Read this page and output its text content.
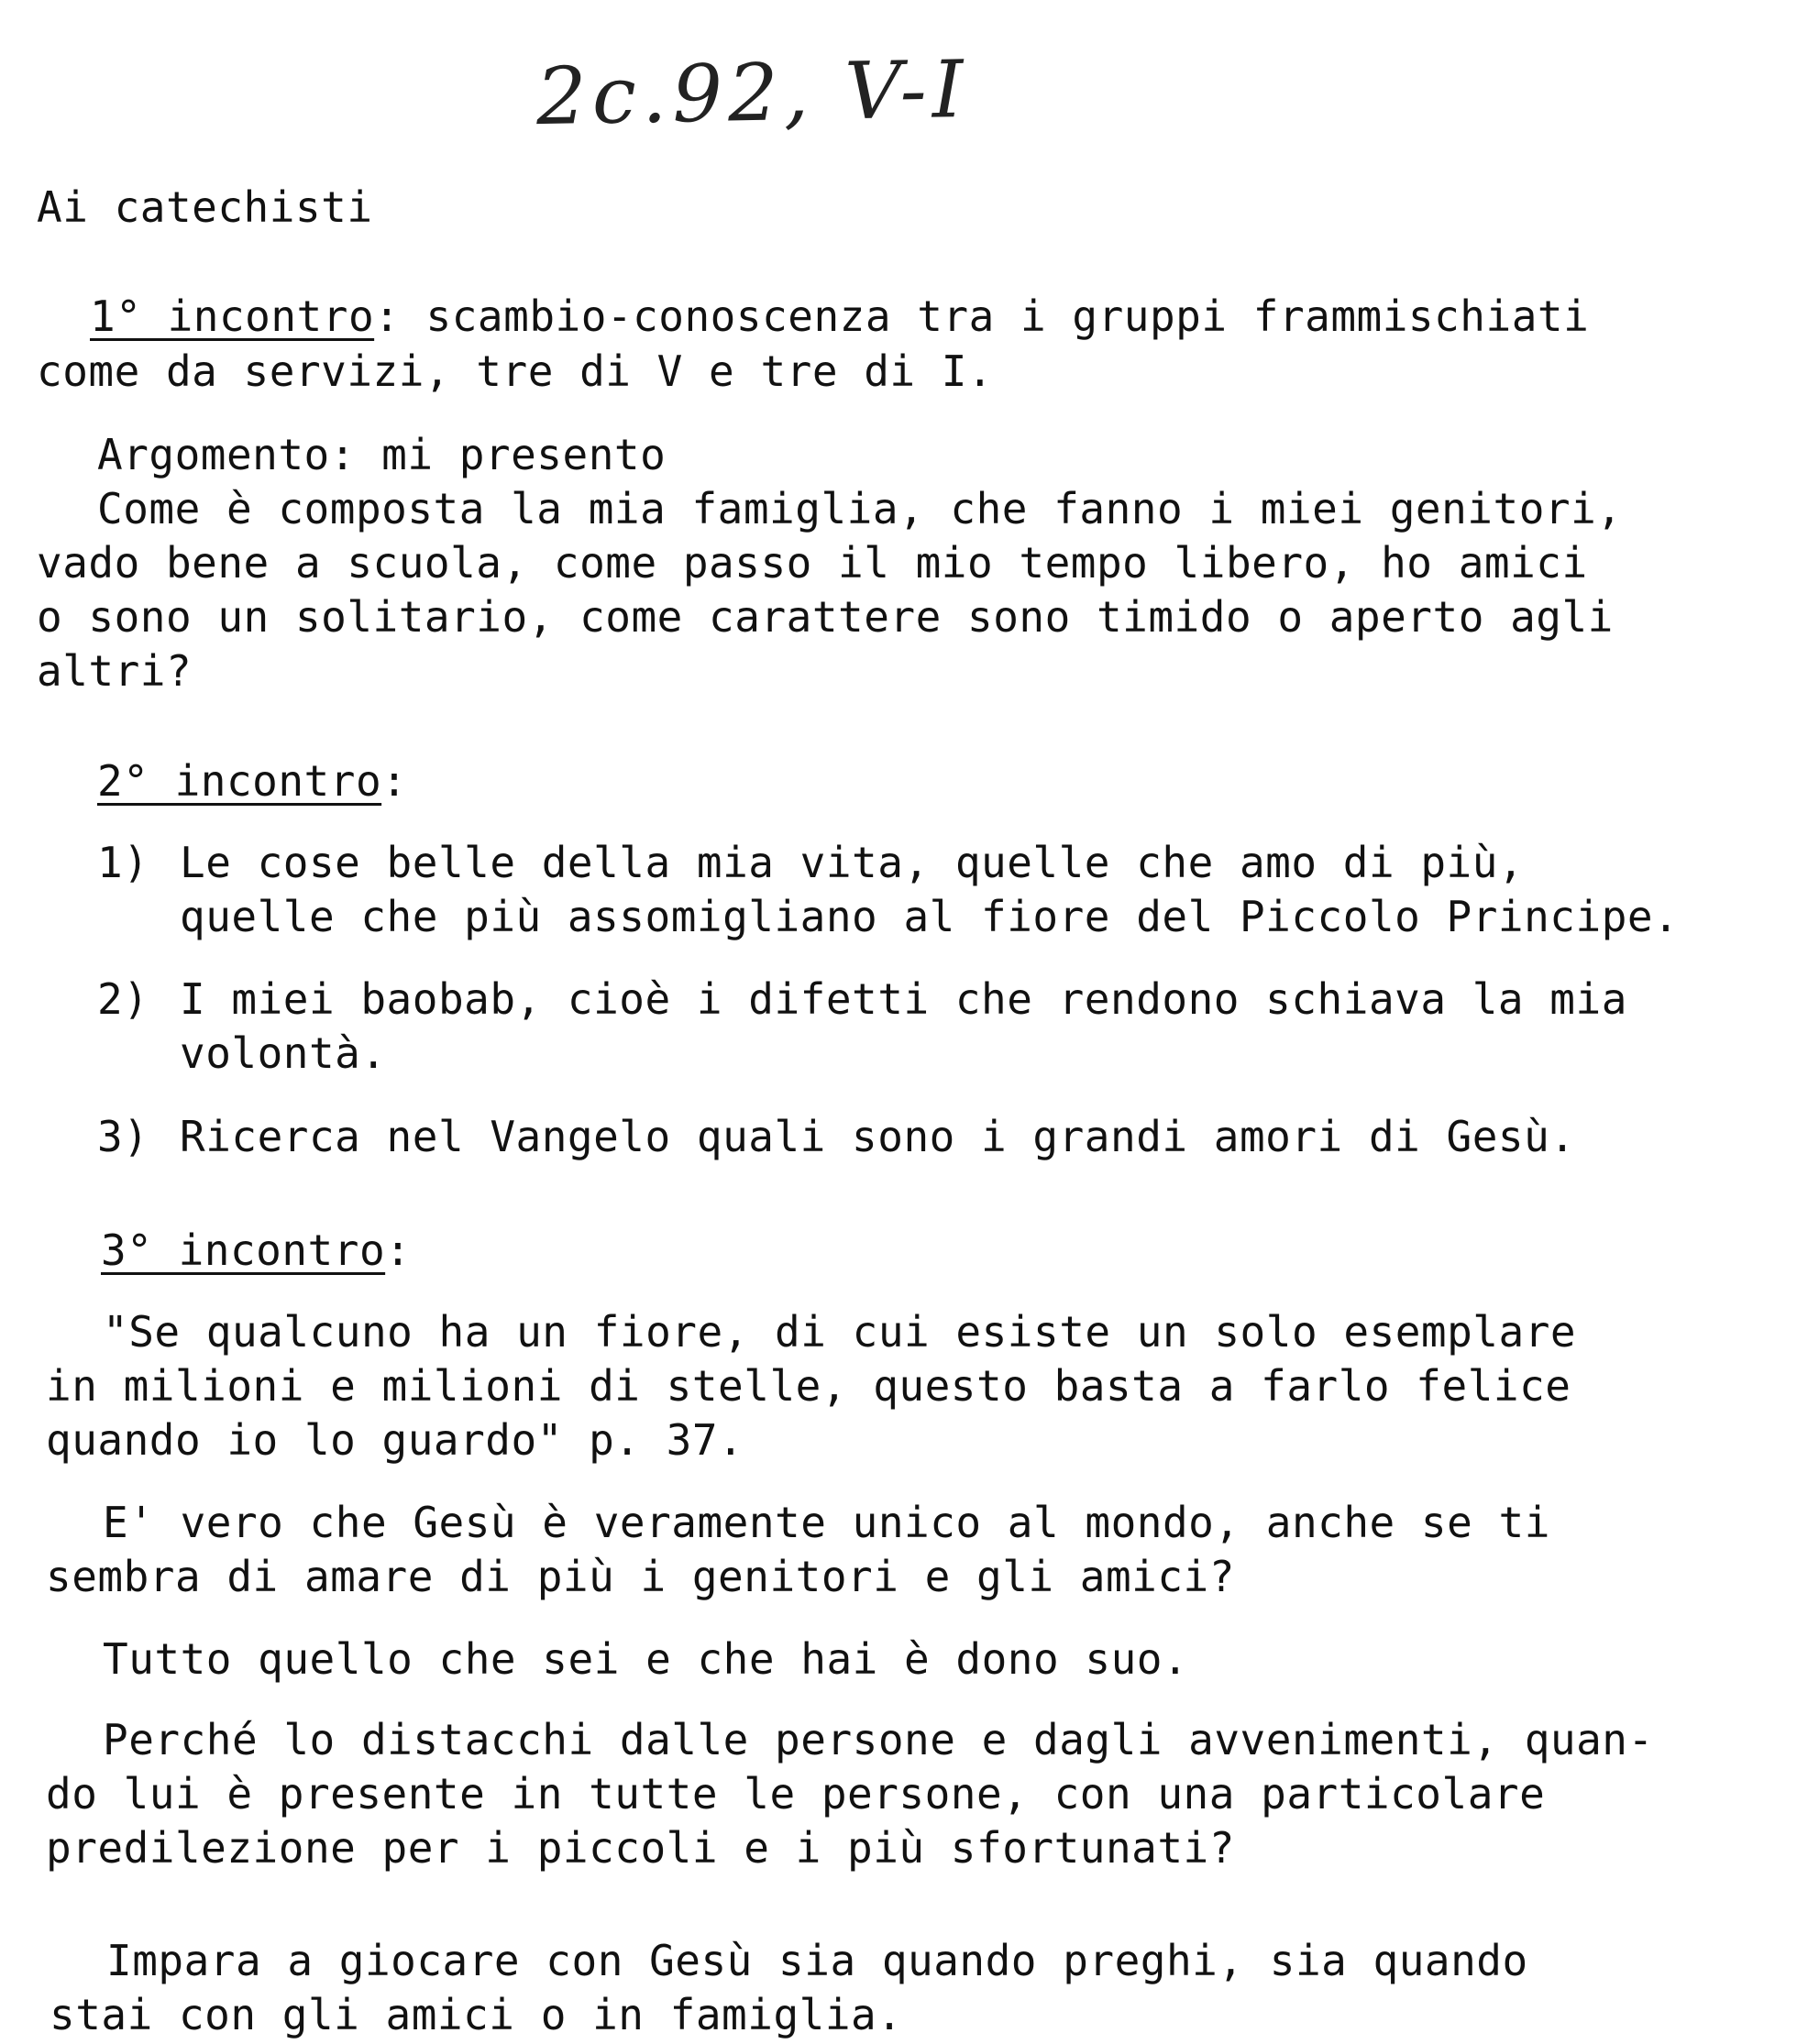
2c.92, V-I
Ai catechisti
1° incontro: scambio-conoscenza tra i gruppi frammischiati
come da servizi, tre di V e tre di I.
Argomento: mi presento
Come è composta la mia famiglia, che fanno i miei genitori,
vado bene a scuola, come passo il mio tempo libero, ho amici
o sono un solitario, come carattere sono timido o aperto agli
altri?
2° incontro:
1) Le cose belle della mia vita, quelle che amo di più,
quelle che più assomigliano al fiore del Piccolo Principe.
2) I miei baobab, cioè i difetti che rendono schiava la mia
volontà.
3) Ricerca nel Vangelo quali sono i grandi amori di Gesù.
3° incontro:
"Se qualcuno ha un fiore, di cui esiste un solo esemplare
in milioni e milioni di stelle, questo basta a farlo felice
quando io lo guardo" p. 37.
E' vero che Gesù è veramente unico al mondo, anche se ti
sembra di amare di più i genitori e gli amici?
Tutto quello che sei e che hai è dono suo.
Perché lo distacchi dalle persone e dagli avvenimenti, quan-
do lui è presente in tutte le persone, con una particolare
predilezione per i piccoli e i più sfortunati?
Impara a giocare con Gesù sia quando preghi, sia quando
stai con gli amici o in famiglia.
